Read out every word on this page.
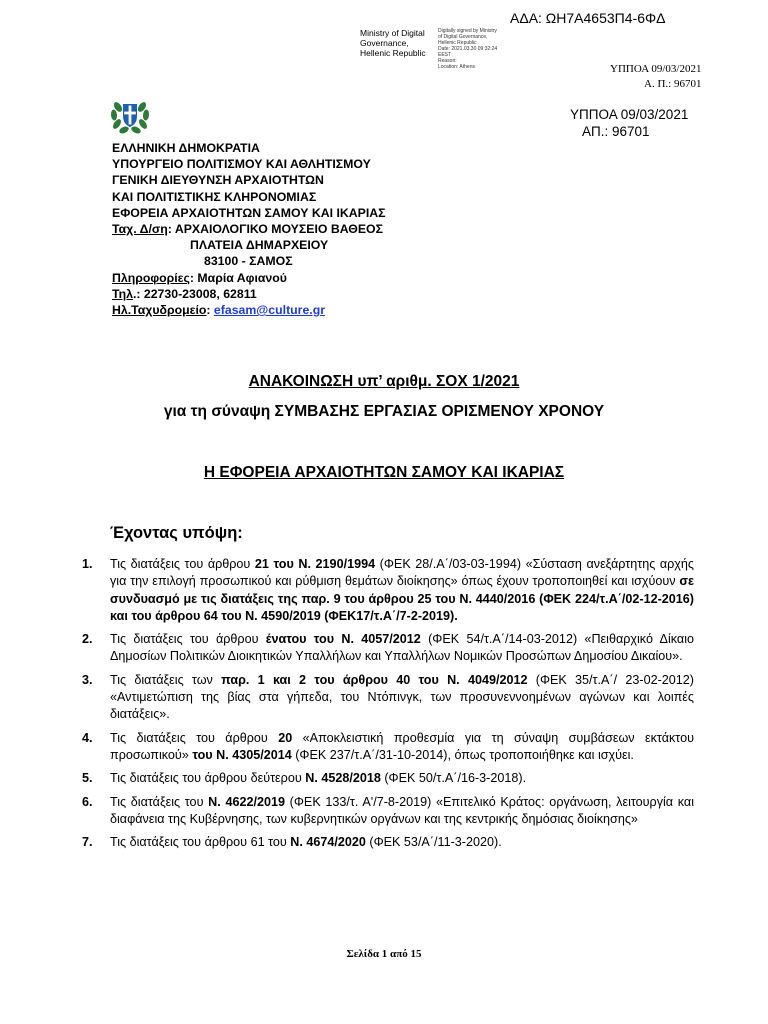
ΑΔΑ: ΩΗ7Α4653Π4-6ΦΔ
Ministry of Digital
Governance,
Hellenic Republic
Digitally signed by Ministry
of Digital Governance,
Hellenic Republic
Date: 2021.03.30 09:32:24
EEST
Reason:
Location: Athens	ΥΠΠΟΑ 09/03/2021
Α. Π.: 96701
ΥΠΠΟΑ 09/03/2021
ΑΠ.: 96701
ΕΛΛΗΝΙΚΗ ΔΗΜΟΚΡΑΤΙΑ
ΥΠΟΥΡΓΕΙΟ ΠΟΛΙΤΙΣΜΟΥ ΚΑΙ ΑΘΛΗΤΙΣΜΟΥ
ΓΕΝΙΚΗ ΔΙΕΥΘΥΝΣΗ ΑΡΧΑΙΟΤΗΤΩΝ
ΚΑΙ ΠΟΛΙΤΙΣΤΙΚΗΣ ΚΛΗΡΟΝΟΜΙΑΣ
ΕΦΟΡΕΙΑ ΑΡΧΑΙΟΤΗΤΩΝ ΣΑΜΟΥ ΚΑΙ ΙΚΑΡΙΑΣ
Ταχ. Δ/ση: ΑΡΧΑΙΟΛΟΓΙΚΟ ΜΟΥΣΕΙΟ ΒΑΘΕΟΣ
ΠΛΑΤΕΙΑ ΔΗΜΑΡΧΕΙΟΥ
83100 - ΣΑΜΟΣ
Πληροφορίες: Μαρία Αφιανού
Τηλ.: 22730-23008, 62811
Ηλ.Ταχυδρομείο: efasam@culture.gr
ΑΝΑΚΟΙΝΩΣΗ υπ’ αριθμ. ΣΟΧ 1/2021
για τη σύναψη ΣΥΜΒΑΣΗΣ ΕΡΓΑΣΙΑΣ ΟΡΙΣΜΕΝΟΥ ΧΡΟΝΟΥ
Η ΕΦΟΡΕΙΑ ΑΡΧΑΙΟΤΗΤΩΝ ΣΑΜΟΥ ΚΑΙ ΙΚΑΡΙΑΣ
Έχοντας υπόψη:
1. Τις διατάξεις του άρθρου 21 του Ν. 2190/1994 (ΦΕΚ 28/.Α΄/03-03-1994) «Σύσταση ανεξάρτητης αρχής για την επιλογή προσωπικού και ρύθμιση θεμάτων διοίκησης» όπως έχουν τροποποιηθεί και ισχύουν σε συνδυασμό με τις διατάξεις της παρ. 9 του άρθρου 25 του Ν. 4440/2016 (ΦΕΚ 224/τ.Α΄/02-12-2016) και του άρθρου 64 του Ν. 4590/2019 (ΦΕΚ17/τ.Α΄/7-2-2019).
2. Τις διατάξεις του άρθρου ένατου του Ν. 4057/2012 (ΦΕΚ 54/τ.Α΄/14-03-2012) «Πειθαρχικό Δίκαιο Δημοσίων Πολιτικών Διοικητικών Υπαλλήλων και Υπαλλήλων Νομικών Προσώπων Δημοσίου Δικαίου».
3. Τις διατάξεις των παρ. 1 και 2 του άρθρου 40 του Ν. 4049/2012 (ΦΕΚ 35/τ.Α΄/ 23-02-2012) «Αντιμετώπιση της βίας στα γήπεδα, του Ντόπινγκ, των προσυνεννοημένων αγώνων και λοιπές διατάξεις».
4. Τις διατάξεις του άρθρου 20 «Αποκλειστική προθεσμία για τη σύναψη συμβάσεων εκτάκτου προσωπικού» του Ν. 4305/2014 (ΦΕΚ 237/τ.Α΄/31-10-2014), όπως τροποποιήθηκε και ισχύει.
5. Τις διατάξεις του άρθρου δεύτερου Ν. 4528/2018 (ΦΕΚ 50/τ.Α΄/16-3-2018).
6. Τις διατάξεις του Ν. 4622/2019 (ΦΕΚ 133/τ. Α'/7-8-2019) «Επιτελικό Κράτος: οργάνωση, λειτουργία και διαφάνεια της Κυβέρνησης, των κυβερνητικών οργάνων και της κεντρικής δημόσιας διοίκησης»
7. Τις διατάξεις του άρθρου 61 του Ν. 4674/2020 (ΦΕΚ 53/Α΄/11-3-2020).
Σελίδα 1 από 15
